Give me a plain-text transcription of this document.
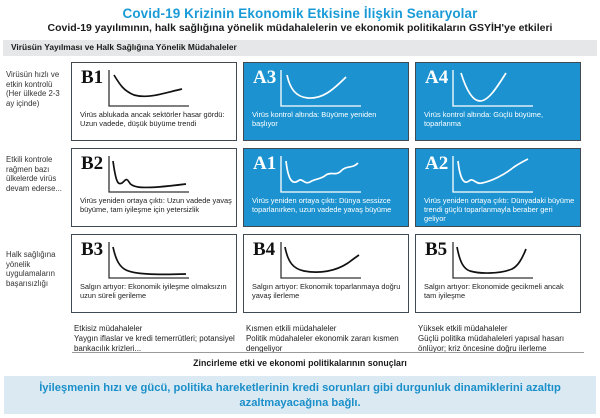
Covid-19 Krizinin Ekonomik Etkisine İlişkin Senaryolar
Covid-19 yayılımının, halk sağlığına yönelik müdahalelerin ve ekonomik politikaların GSYİH'ye etkileri
Virüsün Yayılması ve Halk Sağlığına Yönelik Müdahaleler
Virüsün hızlı ve etkin kontrolü (Her ülkede 2-3 ay içinde)
Etkili kontrole rağmen bazı ülkelerde virüs devam ederse...
Halk sağlığına yönelik uygulamaların başarısızlığı
B1
Virüs ablukada ancak sektörler hasar gördü: Uzun vadede, düşük büyüme trendi
A3
Virüs kontrol altında: Büyüme yeniden başlıyor
A4
Virüs kontrol altında: Güçlü büyüme, toparlanma
B2
Virüs yeniden ortaya çıktı: Uzun vadede yavaş büyüme, tam iyileşme için yetersizlik
A1
Virüs yeniden ortaya çıktı: Dünya sessizce toparlanırken, uzun vadede yavaş büyüme
A2
Virüs yeniden ortaya çıktı: Dünyadaki büyüme trendi güçlü toparlanmayla beraber geri geliyor
B3
Salgın artıyor: Ekonomik iyileşme olmaksızın uzun süreli gerileme
B4
Salgın artıyor: Ekonomik toparlanmaya doğru yavaş ilerleme
B5
Salgın artıyor: Ekonomide gecikmeli ancak tam iyileşme
Etkisiz müdahaleler
Yaygın iflaslar ve kredi temerrütleri; potansiyel bankacılık krizleri...
Kısmen etkili müdahaleler
Politik müdahaleler ekonomik zararı kısmen dengeliyor
Yüksek etkili müdahaleler
Güçlü politika müdahaleleri yapısal hasarı önlüyor; kriz öncesine doğru ilerleme
Zincirleme etki ve ekonomi politikalarının sonuçları
İyileşmenin hızı ve gücü, politika hareketlerinin kredi sorunları gibi durgunluk dinamiklerini azaltıp azaltmayacağına bağlı.
